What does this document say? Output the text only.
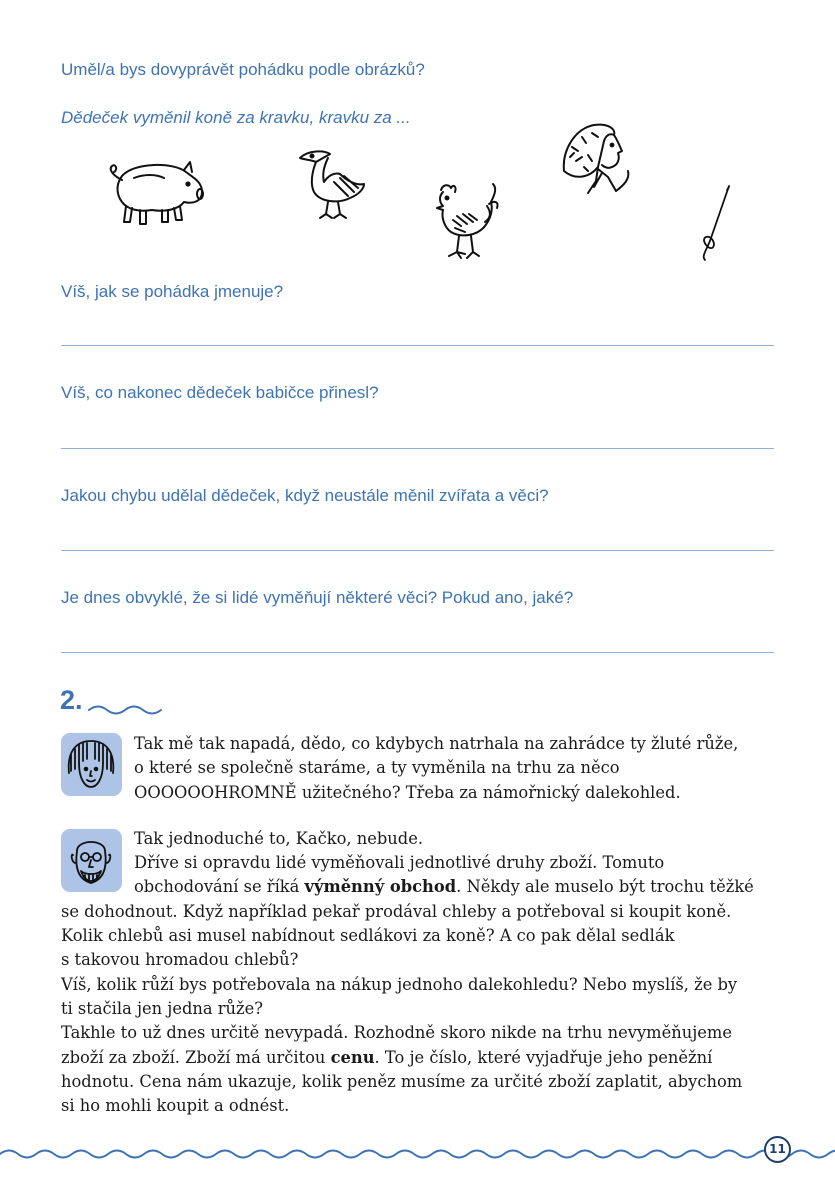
Uměl/a bys dovyprávět pohádku podle obrázků?

Dědeček vyměnil koně za kravku, kravku za ...

Víš, jak se pohádka jmenuje?

Víš, co nakonec dědeček babičce přinesl?

Jakou chybu udělal dědeček, když neustále měnil zvířata a věci?

Je dnes obvyklé, že si lidé vyměňují některé věci? Pokud ano, jaké?

2.

Tak mě tak napadá, dědo, co kdybych natrhala na zahrádce ty žluté růže,
o které se společně staráme, a ty vyměnila na trhu za něco
OOOOOOHROMNĚ užitečného? Třeba za námořnický dalekohled.

Tak jednoduché to, Kačko, nebude.
Dříve si opravdu lidé vyměňovali jednotlivé druhy zboží. Tomuto
obchodování se říká výměnný obchod. Někdy ale muselo být trochu těžké
se dohodnout. Když například pekař prodával chleby a potřeboval si koupit koně.
Kolik chlebů asi musel nabídnout sedlákovi za koně? A co pak dělal sedlák
s takovou hromadou chlebů?
Víš, kolik růží bys potřebovala na nákup jednoho dalekohledu? Nebo myslíš, že by
ti stačila jen jedna růže?
Takhle to už dnes určitě nevypadá. Rozhodně skoro nikde na trhu nevyměňujeme
zboží za zboží. Zboží má určitou cenu. To je číslo, které vyjadřuje jeho peněžní
hodnotu. Cena nám ukazuje, kolik peněz musíme za určité zboží zaplatit, abychom
si ho mohli koupit a odnést.
11
